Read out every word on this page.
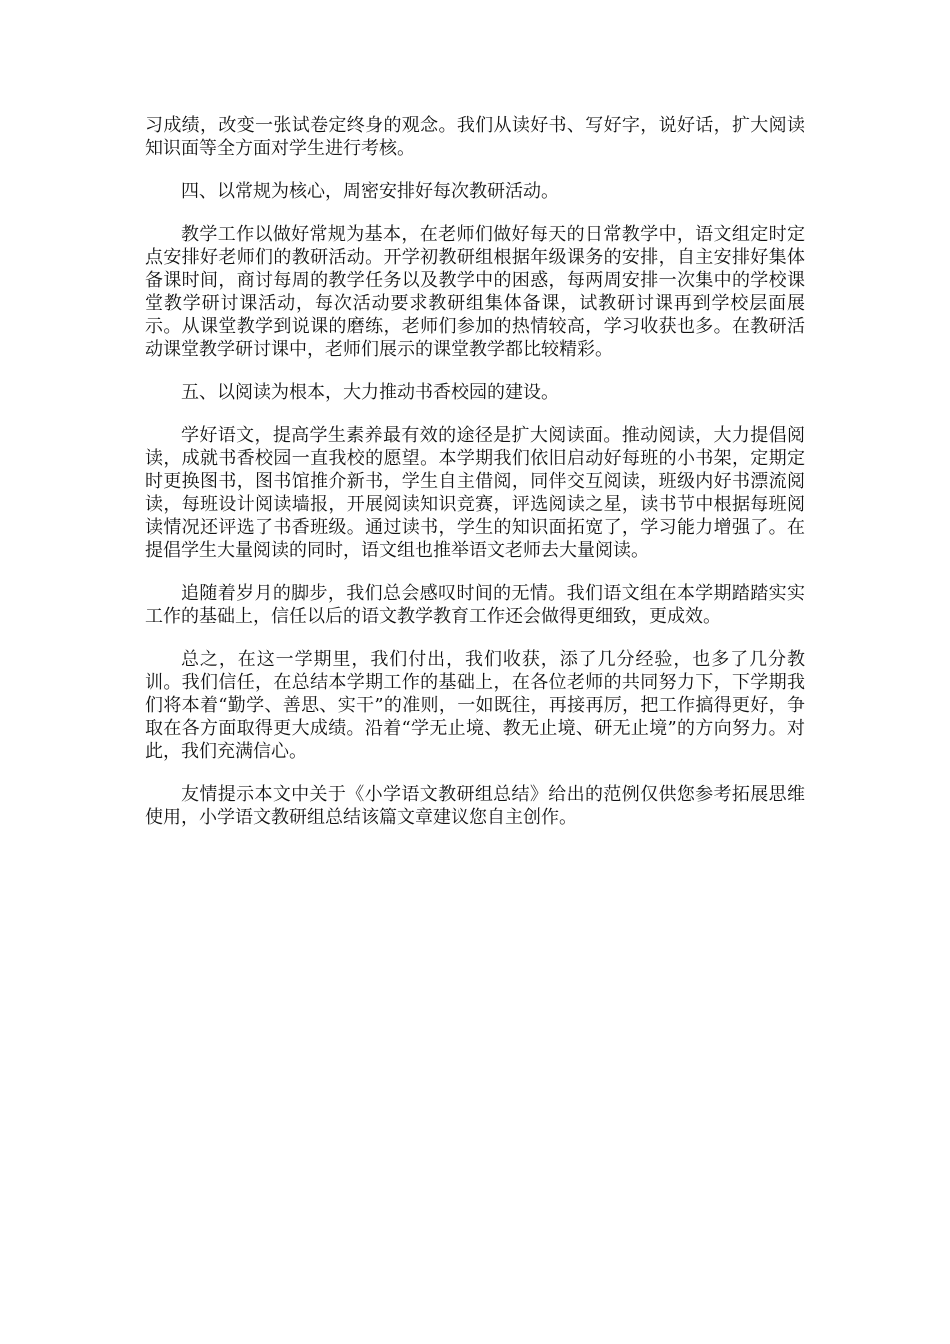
习成绩，改变一张试卷定终身的观念。我们从读好书、写好字，说好话，扩大阅读知识面等全方面对学生进行考核。

四、以常规为核心，周密安排好每次教研活动。

教学工作以做好常规为基本，在老师们做好每天的日常教学中，语文组定时定点安排好老师们的教研活动。开学初教研组根据年级课务的安排，自主安排好集体备课时间，商讨每周的教学任务以及教学中的困惑，每两周安排一次集中的学校课堂教学研讨课活动，每次活动要求教研组集体备课，试教研讨课再到学校层面展示。从课堂教学到说课的磨练，老师们参加的热情较高，学习收获也多。在教研活动课堂教学研讨课中，老师们展示的课堂教学都比较精彩。

五、以阅读为根本，大力推动书香校园的建设。

学好语文，提高学生素养最有效的途径是扩大阅读面。推动阅读，大力提倡阅读，成就书香校园一直我校的愿望。本学期我们依旧启动好每班的小书架，定期定时更换图书，图书馆推介新书，学生自主借阅，同伴交互阅读，班级内好书漂流阅读，每班设计阅读墙报，开展阅读知识竞赛，评选阅读之星，读书节中根据每班阅读情况还评选了书香班级。通过读书，学生的知识面拓宽了，学习能力增强了。在提倡学生大量阅读的同时，语文组也推举语文老师去大量阅读。

追随着岁月的脚步，我们总会感叹时间的无情。我们语文组在本学期踏踏实实工作的基础上，信任以后的语文教学教育工作还会做得更细致，更成效。

总之，在这一学期里，我们付出，我们收获，添了几分经验，也多了几分教训。我们信任，在总结本学期工作的基础上，在各位老师的共同努力下，下学期我们将本着“勤学、善思、实干”的准则，一如既往，再接再厉，把工作搞得更好，争取在各方面取得更大成绩。沿着“学无止境、教无止境、研无止境”的方向努力。对此，我们充满信心。

友情提示本文中关于《小学语文教研组总结》给出的范例仅供您参考拓展思维使用，小学语文教研组总结该篇文章建议您自主创作。
